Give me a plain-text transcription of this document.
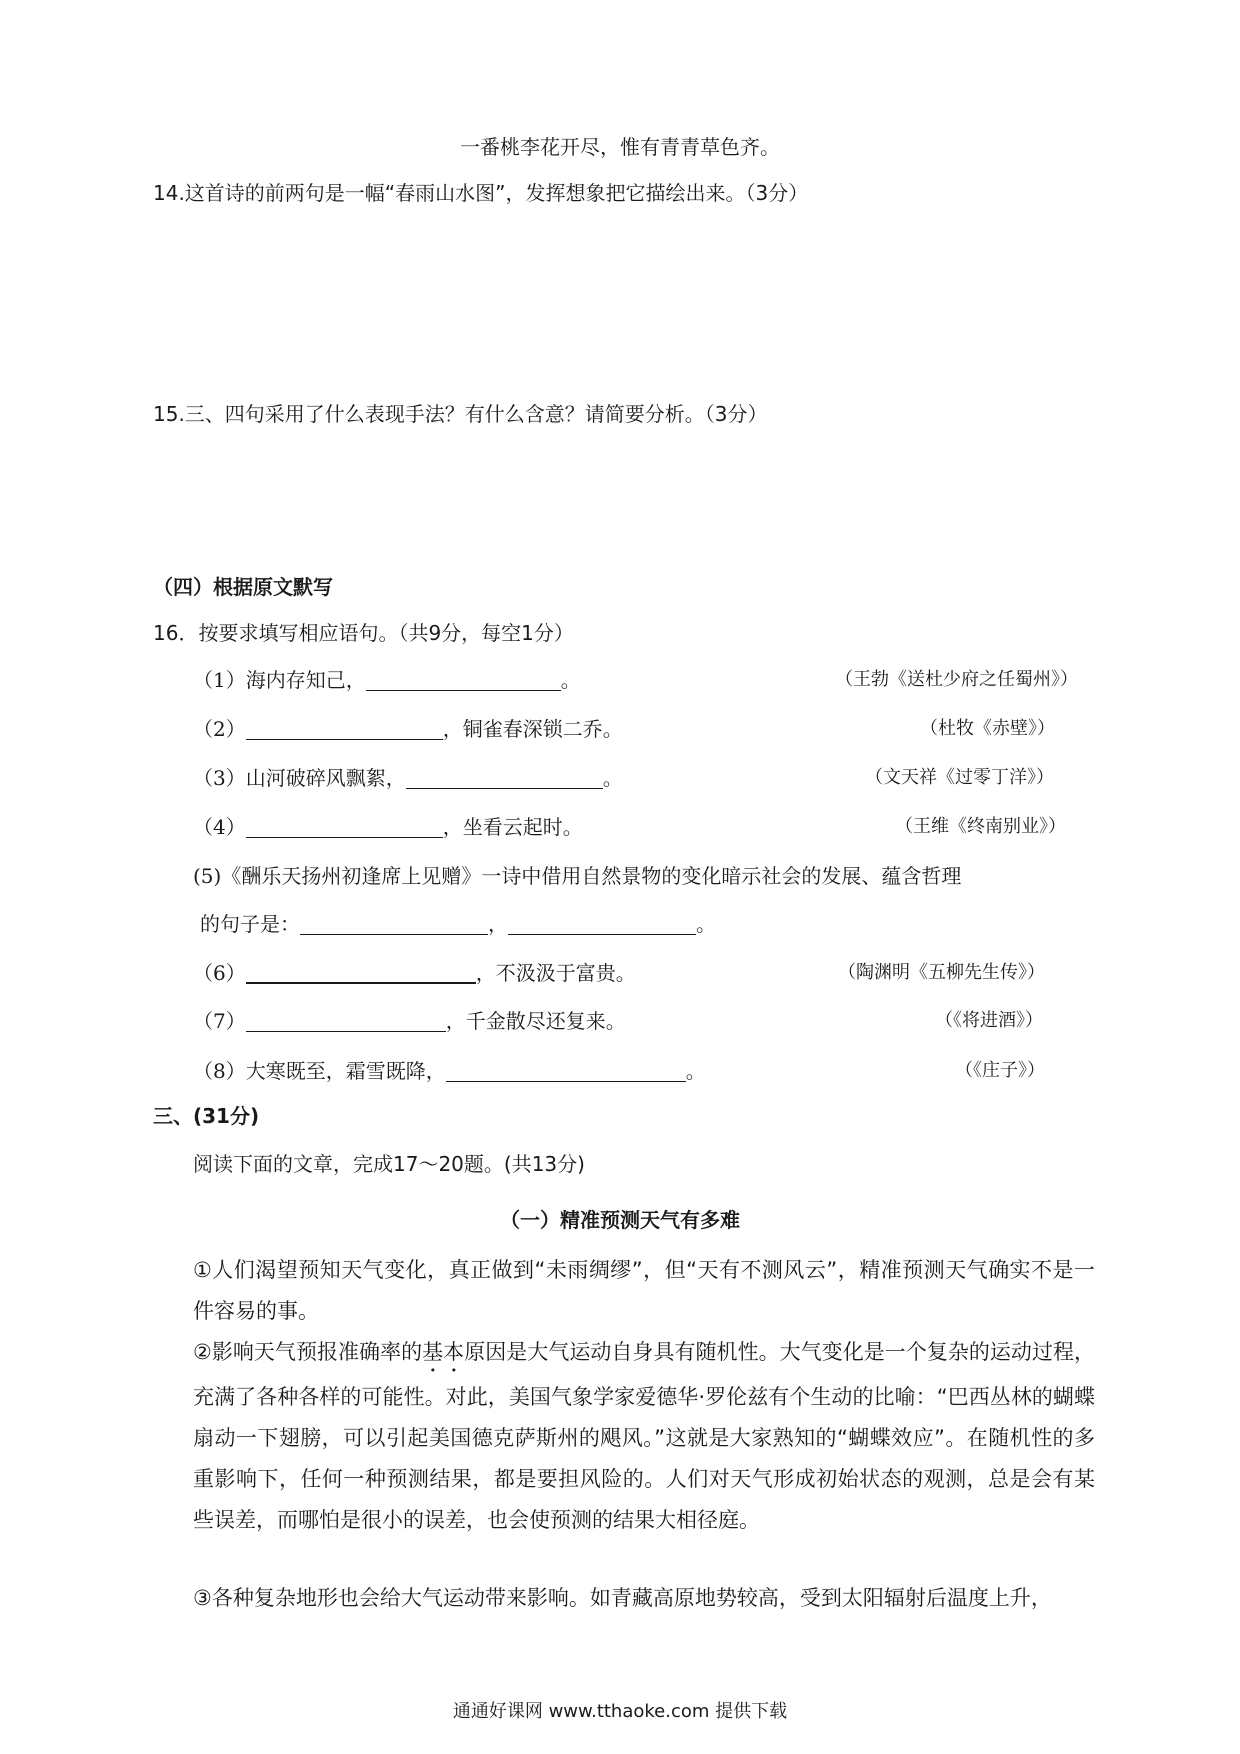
一番桃李花开尽，惟有青青草色齐。
14.这首诗的前两句是一幅“春雨山水图”，发挥想象把它描绘出来。（3分）
15.三、四句采用了什么表现手法？有什么含意？请简要分析。（3分）
（四）根据原文默写
16．按要求填写相应语句。（共9分，每空1分）
（1）海内存知己，	。	（王勃《送杜少府之任蜀州》）
（2）	，铜雀春深锁二乔。	（杜牧《赤壁》）
（3）山河破碎风飘絮，	。	（文天祥《过零丁洋》）
（4）	，坐看云起时。	（王维《终南别业》）
(5)《酬乐天扬州初逢席上见赠》一诗中借用自然景物的变化暗示社会的发展、蕴含哲理
的句子是：	，	。
（6）	，不汲汲于富贵。	（陶渊明《五柳先生传》）
（7）	，千金散尽还复来。	（《将进酒》）
（8）大寒既至，霜雪既降，	。	（《庄子》）
三、(31分)
阅读下面的文章，完成17～20题。(共13分)
（一）精准预测天气有多难
①人们渴望预知天气变化，真正做到“未雨绸缪”，但“天有不测风云”，精准预测天气确实不是一件容易的事。
②影响天气预报准确率的基本原因是大气运动自身具有随机性。大气变化是一个复杂的运动过程，充满了各种各样的可能性。对此，美国气象学家爱德华·罗伦兹有个生动的比喻：“巴西丛林的蝴蝶扇动一下翅膀，可以引起美国德克萨斯州的飓风。”这就是大家熟知的“蝴蝶效应”。在随机性的多重影响下，任何一种预测结果，都是要担风险的。人们对天气形成初始状态的观测，总是会有某些误差，而哪怕是很小的误差，也会使预测的结果大相径庭。
③各种复杂地形也会给大气运动带来影响。如青藏高原地势较高，受到太阳辐射后温度上升，
通通好课网 www.tthaoke.com 提供下载
